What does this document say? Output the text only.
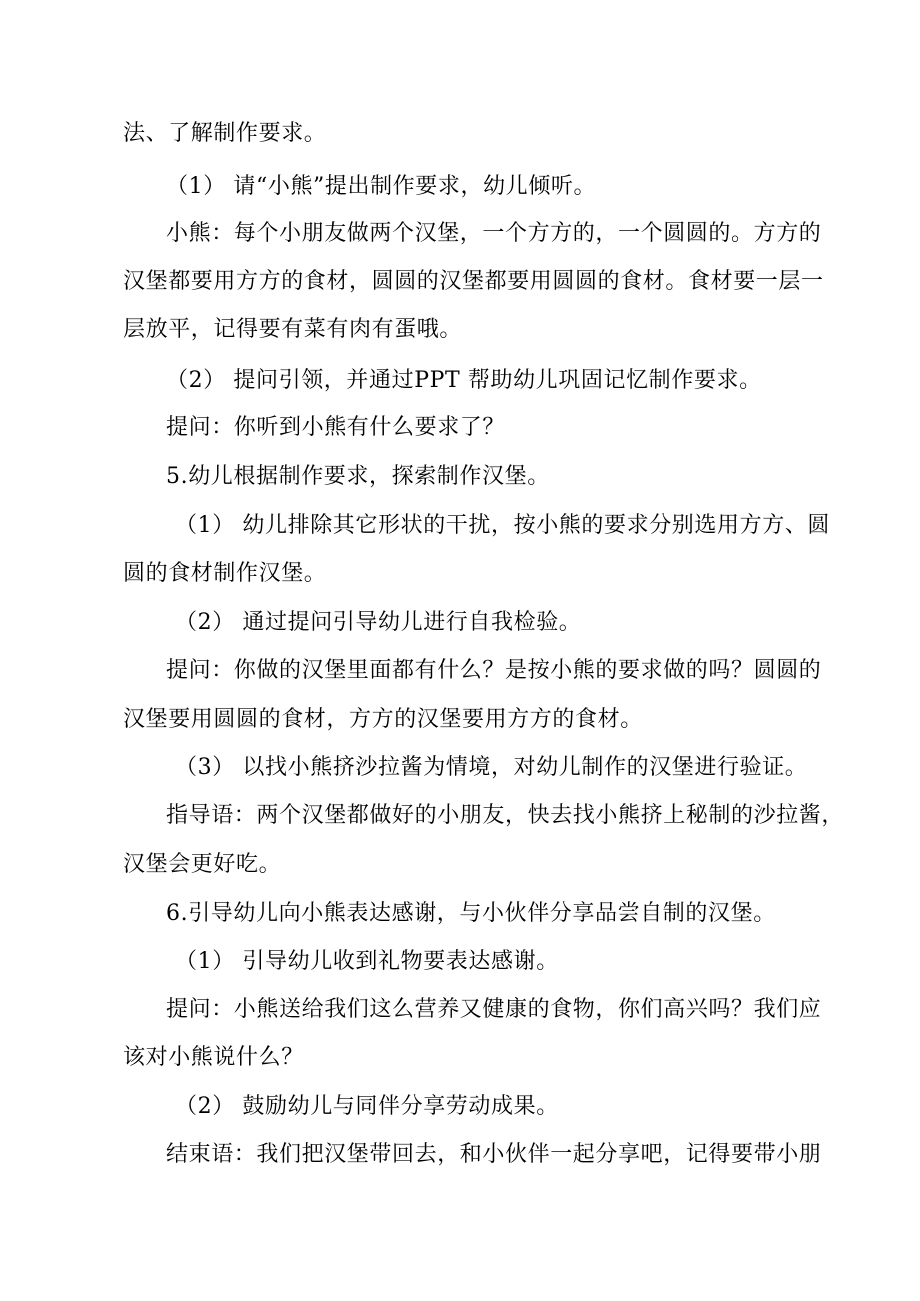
法、了解制作要求。
（1） 请“小熊”提出制作要求，幼儿倾听。
小熊：每个小朋友做两个汉堡，一个方方的，一个圆圆的。方方的
汉堡都要用方方的食材，圆圆的汉堡都要用圆圆的食材。食材要一层一
层放平，记得要有菜有肉有蛋哦。
（2） 提问引领，并通过PPT 帮助幼儿巩固记忆制作要求。
提问：你听到小熊有什么要求了？
5.幼儿根据制作要求，探索制作汉堡。
（1） 幼儿排除其它形状的干扰，按小熊的要求分别选用方方、圆
圆的食材制作汉堡。
（2） 通过提问引导幼儿进行自我检验。
提问：你做的汉堡里面都有什么？是按小熊的要求做的吗？圆圆的
汉堡要用圆圆的食材，方方的汉堡要用方方的食材。
（3） 以找小熊挤沙拉酱为情境，对幼儿制作的汉堡进行验证。
指导语：两个汉堡都做好的小朋友，快去找小熊挤上秘制的沙拉酱，
汉堡会更好吃。
6.引导幼儿向小熊表达感谢，与小伙伴分享品尝自制的汉堡。
（1） 引导幼儿收到礼物要表达感谢。
提问：小熊送给我们这么营养又健康的食物，你们高兴吗？我们应
该对小熊说什么？
（2） 鼓励幼儿与同伴分享劳动成果。
结束语：我们把汉堡带回去，和小伙伴一起分享吧，记得要带小朋
